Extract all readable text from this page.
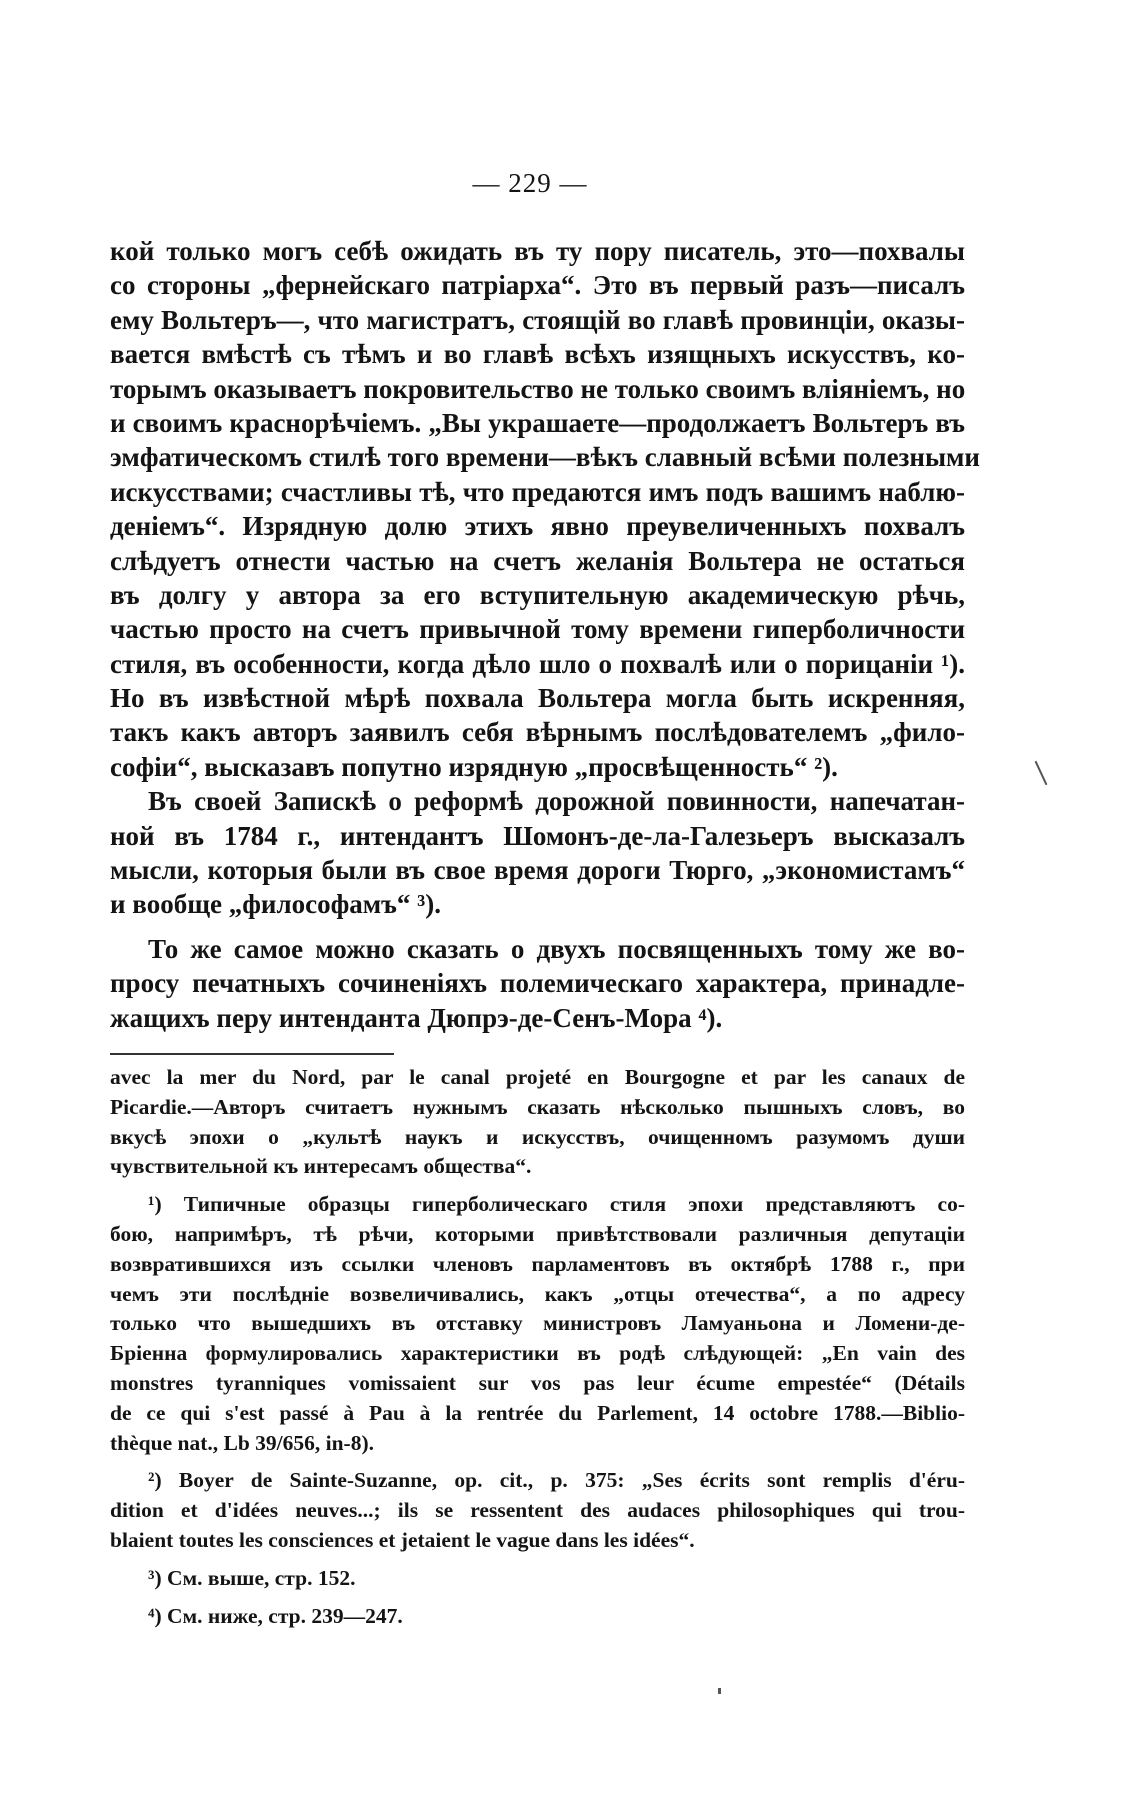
— 229 —
кой только могъ себѣ ожидать въ ту пору писатель, это—похвалы
со стороны „фернейскаго патріарха“. Это въ первый разъ—писалъ
ему Вольтеръ—, что магистратъ, стоящій во главѣ провинціи, оказы-
вается вмѣстѣ съ тѣмъ и во главѣ всѣхъ изящныхъ искусствъ, ко-
торымъ оказываетъ покровительство не только своимъ вліяніемъ, но
и своимъ краснорѣчіемъ. „Вы украшаете—продолжаетъ Вольтеръ въ
эмфатическомъ стилѣ того времени—вѣкъ славный всѣми полезными
искусствами; счастливы тѣ, что предаются имъ подъ вашимъ наблю-
деніемъ“. Изрядную долю этихъ явно преувеличенныхъ похвалъ
слѣдуетъ отнести частью на счетъ желанія Вольтера не остаться
въ долгу у автора за его вступительную академическую рѣчь,
частью просто на счетъ привычной тому времени гиперболичности
стиля, въ особенности, когда дѣло шло о похвалѣ или о порицаніи ¹).
Но въ извѣстной мѣрѣ похвала Вольтера могла быть искренняя,
такъ какъ авторъ заявилъ себя вѣрнымъ послѣдователемъ „фило-
софіи“, высказавъ попутно изрядную „просвѣщенность“ ²).
Въ своей Запискѣ о реформѣ дорожной повинности, напечатан-
ной въ 1784 г., интендантъ Шомонъ-де-ла-Галезьеръ высказалъ
мысли, которыя были въ свое время дороги Тюрго, „экономистамъ“
и вообще „философамъ“ ³).
То же самое можно сказать о двухъ посвященныхъ тому же во-
просу печатныхъ сочиненіяхъ полемическаго характера, принадле-
жащихъ перу интенданта Дюпрэ-де-Сенъ-Мора ⁴).
avec la mer du Nord, par le canal projeté en Bourgogne et par les canaux de
Picardie.—Авторъ считаетъ нужнымъ сказать нѣсколько пышныхъ словъ, во
вкусѣ эпохи о „культѣ наукъ и искусствъ, очищенномъ разумомъ души
чувствительной къ интересамъ общества“.
¹) Типичные образцы гиперболическаго стиля эпохи представляютъ со-
бою, напримѣръ, тѣ рѣчи, которыми привѣтствовали различныя депутаціи
возвратившихся изъ ссылки членовъ парламентовъ въ октябрѣ 1788 г., при
чемъ эти послѣдніе возвеличивались, какъ „отцы отечества“, а по адресу
только что вышедшихъ въ отставку министровъ Ламуаньона и Ломени-де-
Бріенна формулировались характеристики въ родѣ слѣдующей: „En vain des
monstres tyranniques vomissaient sur vos pas leur écume empestée“ (Détails
de ce qui s'est passé à Pau à la rentrée du Parlement, 14 octobre 1788.—Biblio-
thèque nat., Lb 39/656, in-8).
²) Boyer de Sainte-Suzanne, op. cit., p. 375: „Ses écrits sont remplis d'éru-
dition et d'idées neuves...; ils se ressentent des audaces philosophiques qui trou-
blaient toutes les consciences et jetaient le vague dans les idées“.
³) См. выше, стр. 152.
⁴) См. ниже, стр. 239—247.
